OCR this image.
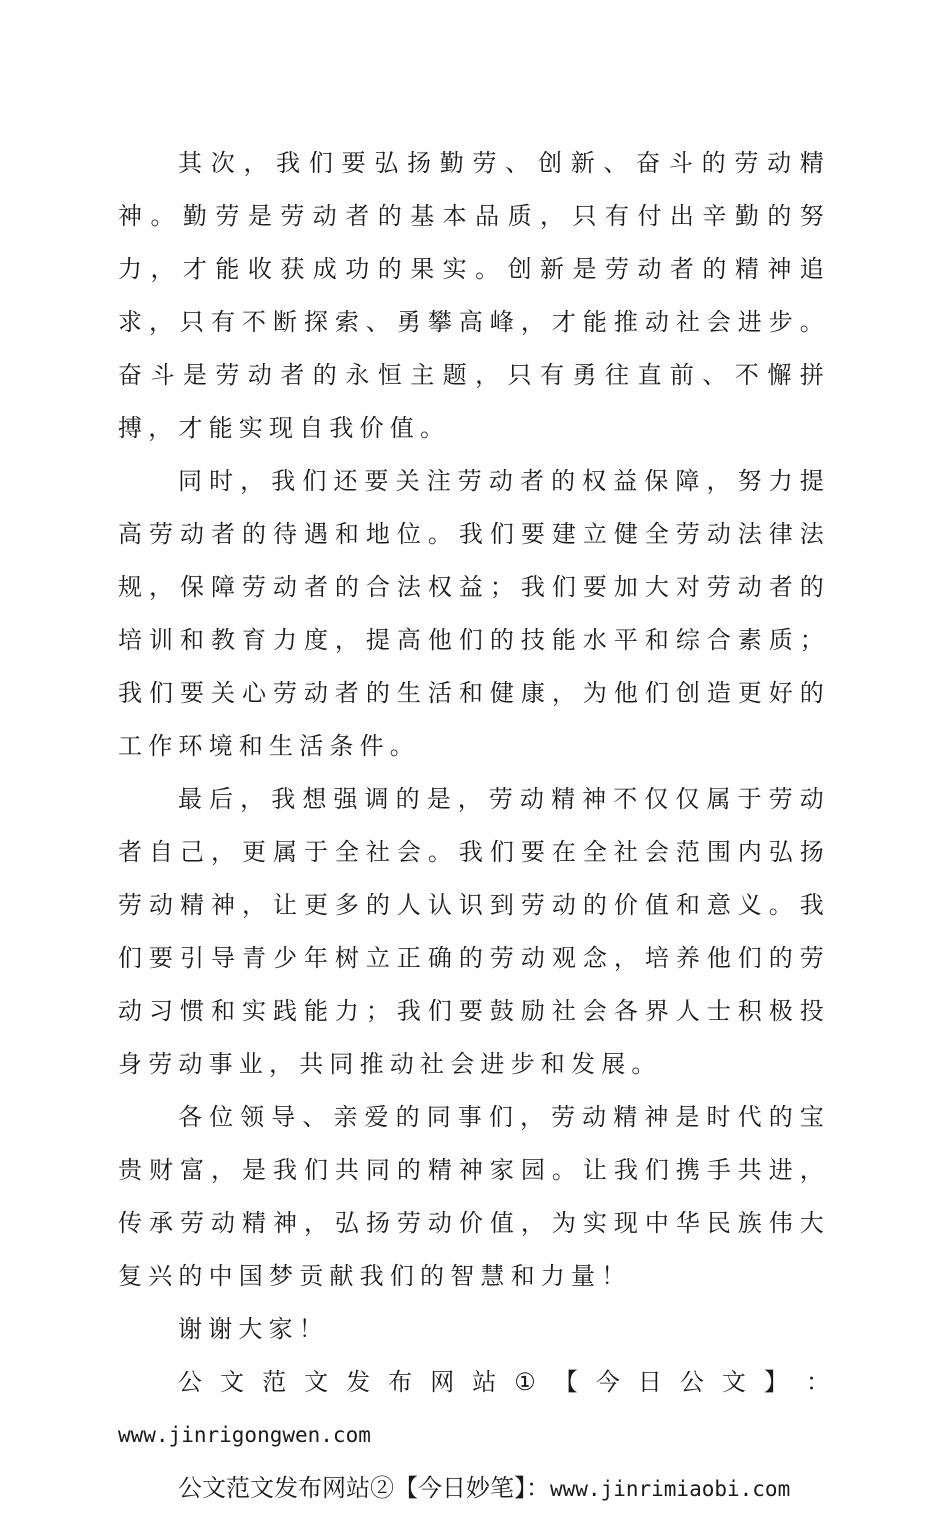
其次，我们要弘扬勤劳、创新、奋斗的劳动精神。勤劳是劳动者的基本品质，只有付出辛勤的努力，才能收获成功的果实。创新是劳动者的精神追求，只有不断探索、勇攀高峰，才能推动社会进步。奋斗是劳动者的永恒主题，只有勇往直前、不懈拼搏，才能实现自我价值。

同时，我们还要关注劳动者的权益保障，努力提高劳动者的待遇和地位。我们要建立健全劳动法律法规，保障劳动者的合法权益；我们要加大对劳动者的培训和教育力度，提高他们的技能水平和综合素质；我们要关心劳动者的生活和健康，为他们创造更好的工作环境和生活条件。

最后，我想强调的是，劳动精神不仅仅属于劳动者自己，更属于全社会。我们要在全社会范围内弘扬劳动精神，让更多的人认识到劳动的价值和意义。我们要引导青少年树立正确的劳动观念，培养他们的劳动习惯和实践能力；我们要鼓励社会各界人士积极投身劳动事业，共同推动社会进步和发展。

各位领导、亲爱的同事们，劳动精神是时代的宝贵财富，是我们共同的精神家园。让我们携手共进，传承劳动精神，弘扬劳动价值，为实现中华民族伟大复兴的中国梦贡献我们的智慧和力量！

谢谢大家！

公 文 范 文 发 布 网 站 ① 【 今 日 公 文 】 ：
www.jinrigongwen.com

公文范文发布网站②【今日妙笔】：www.jinrimiaobi.com
